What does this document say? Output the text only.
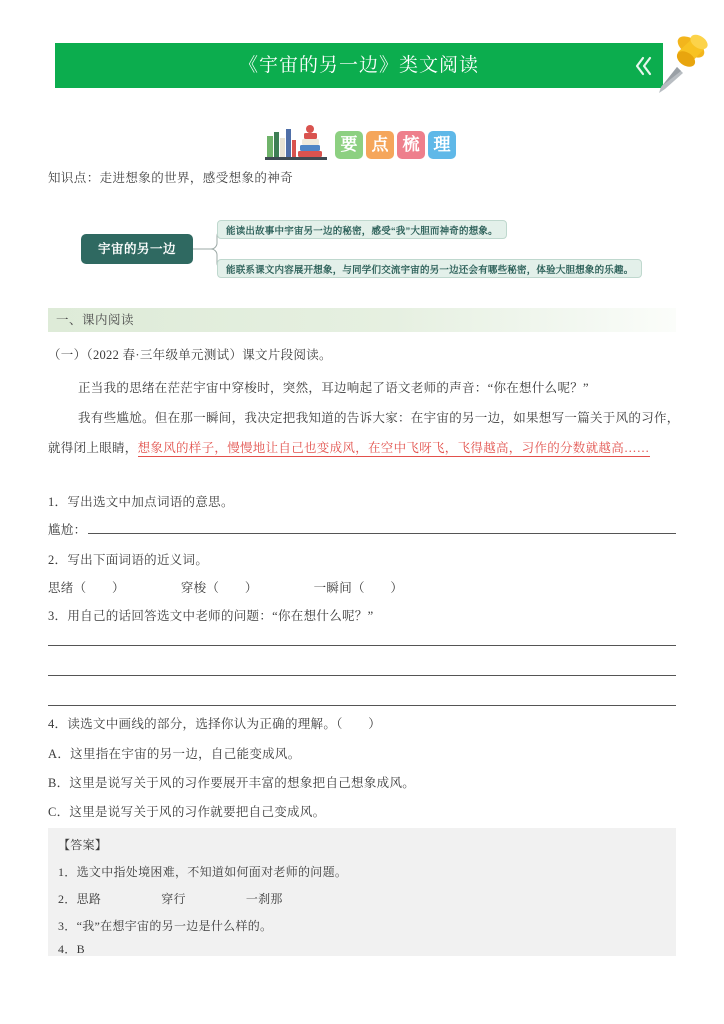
《宇宙的另一边》类文阅读
要 点 梳 理
知识点：走进想象的世界，感受想象的神奇
宇宙的另一边
能读出故事中宇宙另一边的秘密，感受“我”大胆而神奇的想象。
能联系课文内容展开想象，与同学们交流宇宙的另一边还会有哪些秘密，体验大胆想象的乐趣。
一、课内阅读
（一）（2022 春·三年级单元测试）课文片段阅读。
正当我的思绪在茫茫宇宙中穿梭时，突然，耳边响起了语文老师的声音：“你在想什么呢？”
我有些尴尬。但在那一瞬间，我决定把我知道的告诉大家：在宇宙的另一边，如果想写一篇关于风的习作，
就得闭上眼睛，想象风的样子，慢慢地让自己也变成风，在空中飞呀飞，飞得越高，习作的分数就越高……
1．写出选文中加点词语的意思。
尴尬：
2．写出下面词语的近义词。
思绪（　　）	穿梭（　　）	一瞬间（　　）
3．用自己的话回答选文中老师的问题：“你在想什么呢？”
4．读选文中画线的部分，选择你认为正确的理解。（　　）
A．这里指在宇宙的另一边，自己能变成风。
B．这里是说写关于风的习作要展开丰富的想象把自己想象成风。
C．这里是说写关于风的习作就要把自己变成风。
【答案】
1．选文中指处境困难，不知道如何面对老师的问题。
2．思路	穿行	一刹那
3．“我”在想宇宙的另一边是什么样的。
4．B
